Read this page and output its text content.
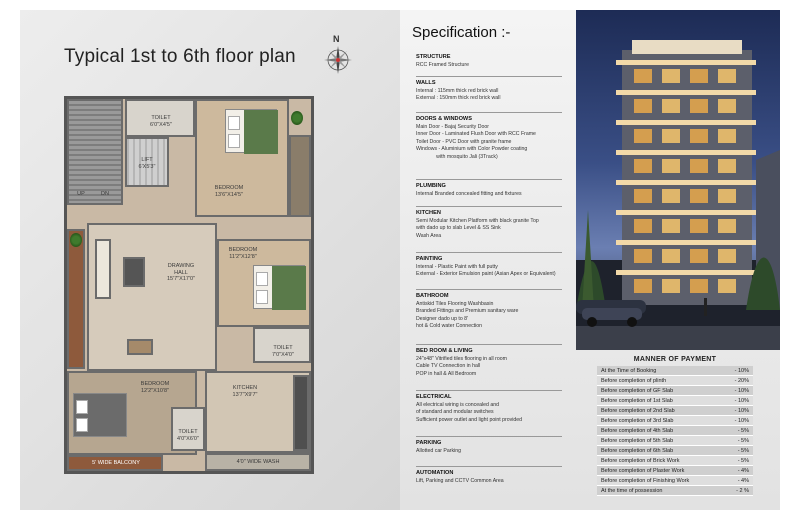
Typical 1st to 6th floor plan
N
UP	DN
LIFT
6'X5'3"
TOILET
6'0"X4'5"
BEDROOM
13'6"X14'5"
DRAWING
HALL
15'7"X17'0"
BEDROOM
11'2"X12'8"
TOILET
7'0"X4'0"
BEDROOM
12'2"X10'8"
TOILET
4'0"X6'0"
5' WIDE BALCONY
KITCHEN
13'7"X9'7"
4'0" WIDE WASH
Specification :-
STRUCTURE
RCC Framed Structure
WALLS
Internal : 115mm thick red brick wall
External : 150mm thick red brick wall
DOORS & WINDOWS
Main Door - Bajaj Security Door
Inner Door - Laminated Flush Door with RCC Frame
Toilet Door - PVC Door with granite frame
Windows - Aluminium with Color Powder coating
with mosquito Jali (3Track)
PLUMBING
Internal Branded concealed fitting and fixtures
KITCHEN
Semi Modular Kitchen Platform with black granite Top
with dado up to slab Level & SS Sink
Wash Area
PAINTING
Internal - Plastic Paint with full putty
External - Exterior Emulsion paint (Asian Apex or Equivalent)
BATHROOM
Antiskid Tiles Flooring Washbasin
Branded Fittings and Premium sanitary ware
Designer dado up to 8'
hot & Cold water Connection
BED ROOM & LIVING
24"x48" Vitrified tiles flooring in all room
Cable TV Connection in hall
POP in hall & All Bedroom
ELECTRICAL
All electrical wiring is concealed and
of standard and modular switches
Sufficient power outlet and light point provided
PARKING
Allotted car Parking
AUTOMATION
Lift, Parking and CCTV Common Area
MANNER OF PAYMENT
At the Time of Booking	- 10%
Before completion of plinth	- 20%
Before completion of GF Slab	- 10%
Before completion of 1st Slab	- 10%
Before completion of 2nd Slab	- 10%
Before completion of 3rd Slab	- 10%
Before completion of 4th Slab	- 5%
Before completion of 5th Slab	- 5%
Before completion of 6th Slab	- 5%
Before completion of Brick Work	- 5%
Before completion of Plaster Work	- 4%
Before completion of Finishing Work	- 4%
At the time of possession	- 2 %
